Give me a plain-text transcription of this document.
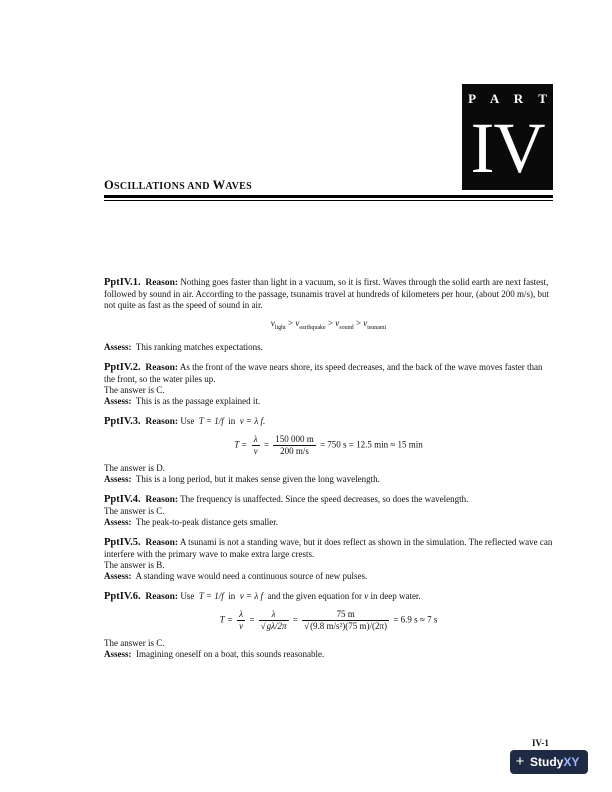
P A R T
IV
OSCILLATIONS AND WAVES

PptIV.1. Reason: Nothing goes faster than light in a vacuum, so it is first. Waves through the solid earth are next fastest, followed by sound in air. According to the passage, tsunamis travel at hundreds of kilometers per hour, (about 200 m/s), but not quite as fast as the speed of sound in air.

$v_{light} > v_{earthquake} > v_{sound} > v_{tsunami}$

Assess: This ranking matches expectations.

PptIV.2. Reason: As the front of the wave nears shore, its speed decreases, and the back of the wave moves faster than the front, so the water piles up.

The answer is C.

Assess: This is as the passage explained it.

PptIV.3. Reason: Use T = 1/f in v = λ f.

$T = \frac{\lambda}{v} = \frac{150 000 m}{200 m/s} = 750$ s = 12.5 min ≈ 15 min

The answer is D.

Assess: This is a long period, but it makes sense given the long wavelength.

PptIV.4. Reason: The frequency is unaffected. Since the speed decreases, so does the wavelength.

The answer is C.

Assess: The peak-to-peak distance gets smaller.

PptIV.5. Reason: A tsunami is not a standing wave, but it does reflect as shown in the simulation. The reflected wave can interfere with the primary wave to make extra large crests.

The answer is B.

Assess: A standing wave would need a continuous source of new pulses.

PptIV.6. Reason: Use T = 1/f in v = λ f and the given equation for v in deep water.

$T = \frac{\lambda}{v} = \frac{\lambda}{√g\lambda/2\pi} = \frac{75 m}{\text{√(9.8 m/s²)(75 m)/(2π)}} = 6.9$ s ≈ 7 s

The answer is C.

Assess: Imagining oneself on a boat, this sounds reasonable.

IV-1
+ StudyXY
